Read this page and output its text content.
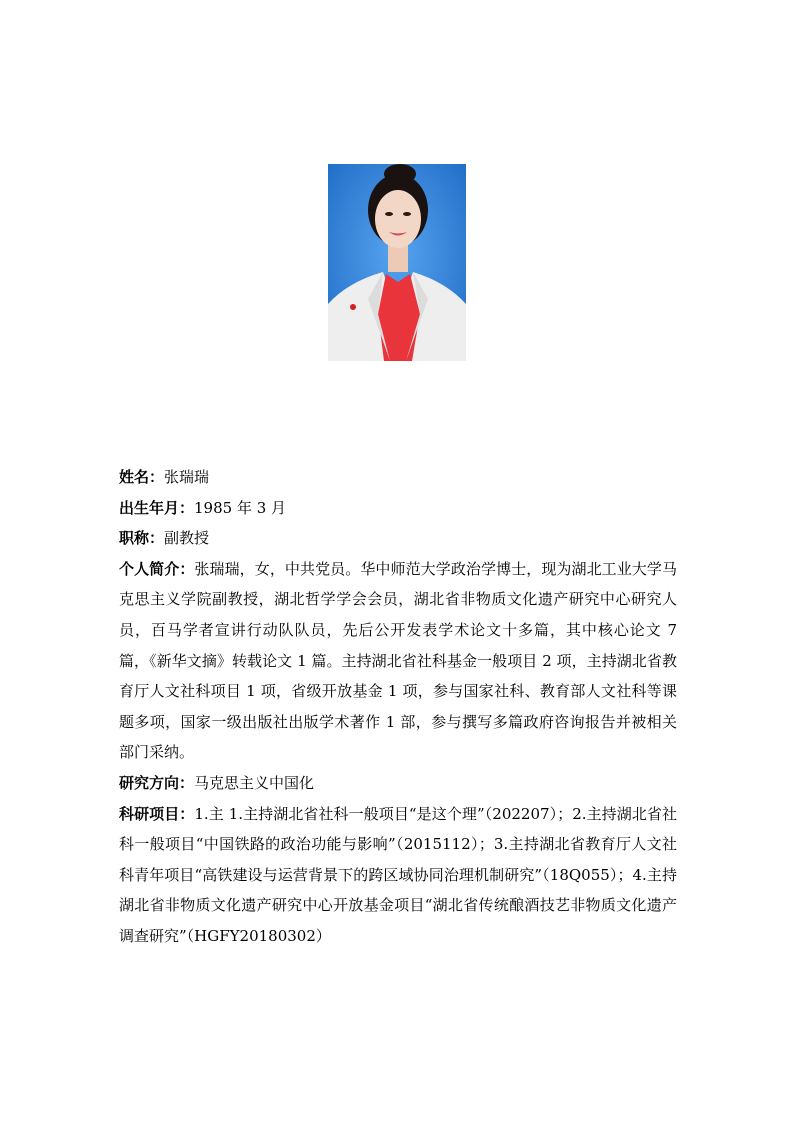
姓名：张瑞瑞

出生年月：1985 年 3 月

职称：副教授

个人简介：张瑞瑞，女，中共党员。华中师范大学政治学博士，现为湖北工业大学马克思主义学院副教授，湖北哲学学会会员，湖北省非物质文化遗产研究中心研究人员，百马学者宣讲行动队队员，先后公开发表学术论文十多篇，其中核心论文 7 篇，《新华文摘》转载论文 1 篇。主持湖北省社科基金一般项目 2 项，主持湖北省教育厅人文社科项目 1 项，省级开放基金 1 项，参与国家社科、教育部人文社科等课题多项，国家一级出版社出版学术著作 1 部，参与撰写多篇政府咨询报告并被相关部门采纳。

研究方向：马克思主义中国化

科研项目：1.主 1.主持湖北省社科一般项目“是这个理”（202207）；2.主持湖北省社科一般项目“中国铁路的政治功能与影响”（2015112）；3.主持湖北省教育厅人文社科青年项目“高铁建设与运营背景下的跨区域协同治理机制研究”（18Q055）；4.主持湖北省非物质文化遗产研究中心开放基金项目“湖北省传统酿酒技艺非物质文化遗产调查研究”（HGFY20180302）
